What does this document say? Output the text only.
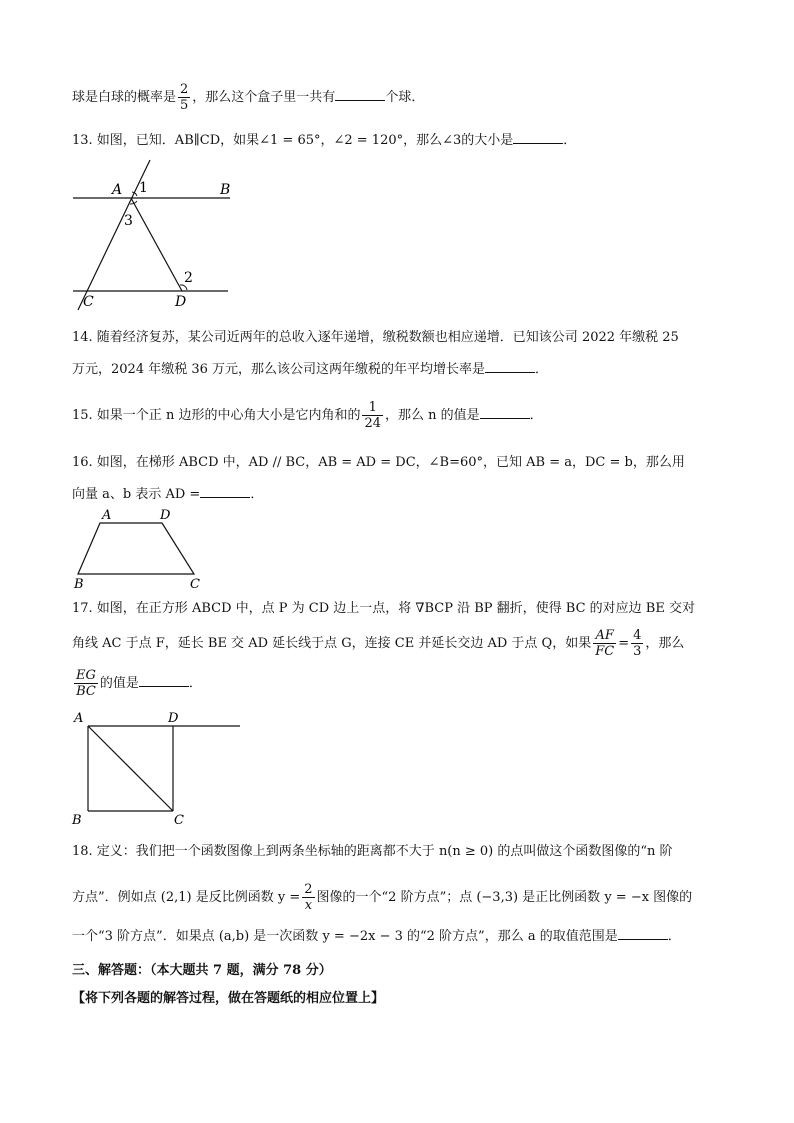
球是白球的概率是 $\frac{2}{5}$ ，那么这个盒子里一共有	个球．
13. 如图，已知．AB∥CD，如果∠1 = 65°，∠2 = 120°，那么∠3的大小是	．
A 1	B
3
2
C	D
14. 随着经济复苏，某公司近两年的总收入逐年递增，缴税数额也相应递增．已知该公司 2022 年缴税 25
万元，2024 年缴税 36 万元，那么该公司这两年缴税的年平均增长率是	．
15. 如果一个正 n 边形的中心角大小是它内角和的 $\frac{1}{24}$ ，那么 n 的值是	．
16. 如图，在梯形 ABCD 中，AD // BC，AB = AD = DC，∠B=60°，已知 AB = a，DC = b，那么用
向量 a、b 表示 AD =	．
A	D
B	C
17. 如图，在正方形 ABCD 中，点 P 为 CD 边上一点，将 ∇BCP 沿 BP 翻折，使得 BC 的对应边 BE 交对
角线 AC 于点 F，延长 BE 交 AD 延长线于点 G，连接 CE 并延长交边 AD 于点 Q，如果 $\frac{AF}{FC} = \frac{4}{3}$ ，那么
$\frac{EG}{BC}$ 的值是	．
A	D
B	C
18. 定义：我们把一个函数图像上到两条坐标轴的距离都不大于 n(n ≥ 0) 的点叫做这个函数图像的“n 阶
方点”．例如点 (2,1) 是反比例函数 $y = \frac{2}{x}$ 图像的一个“2 阶方点”；点 (−3,3) 是正比例函数 y = −x 图像的
一个“3 阶方点”．如果点 (a,b) 是一次函数 y = −2x − 3 的“2 阶方点”，那么 a 的取值范围是	．
三、解答题：（本大题共 7 题，满分 78 分）
【将下列各题的解答过程，做在答题纸的相应位置上】
